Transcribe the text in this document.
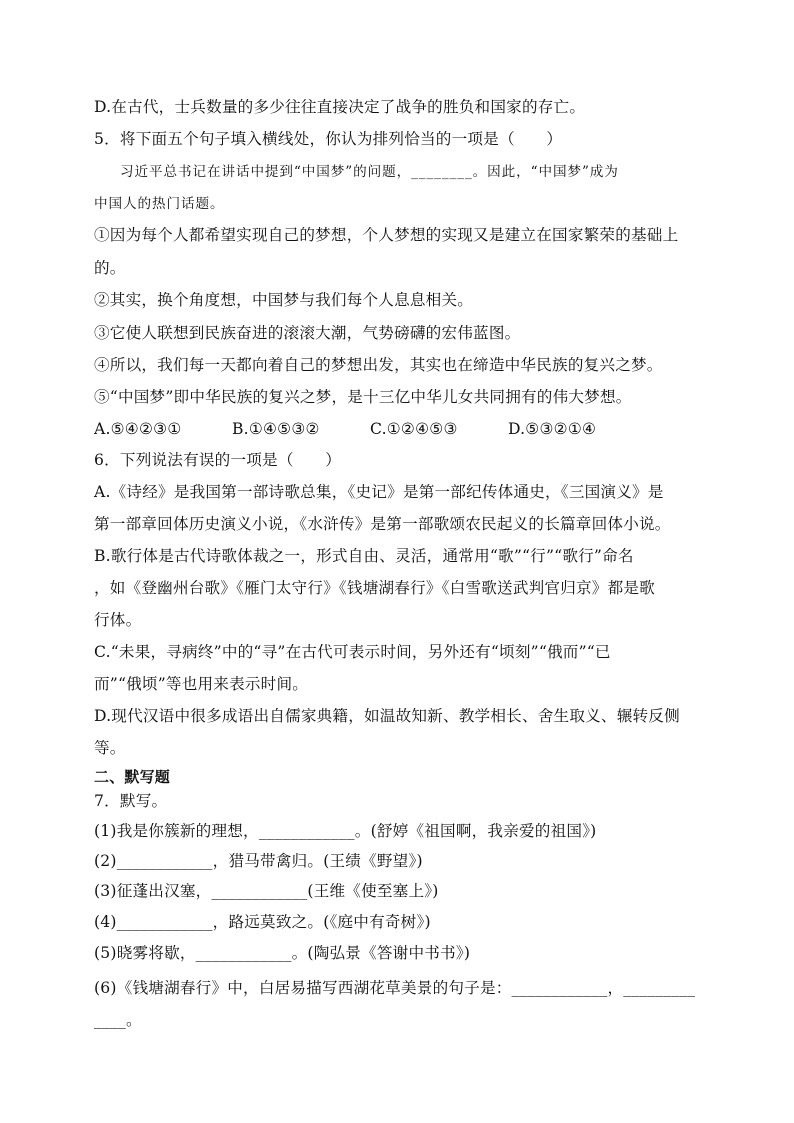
D.在古代，士兵数量的多少往往直接决定了战争的胜负和国家的存亡。
5．将下面五个句子填入横线处，你认为排列恰当的一项是（　　）
习近平总书记在讲话中提到“中国梦”的问题，________。因此，“中国梦”成为
中国人的热门话题。
①因为每个人都希望实现自己的梦想，个人梦想的实现又是建立在国家繁荣的基础上
的。
②其实，换个角度想，中国梦与我们每个人息息相关。
③它使人联想到民族奋进的滚滚大潮，气势磅礴的宏伟蓝图。
④所以，我们每一天都向着自己的梦想出发，其实也在缔造中华民族的复兴之梦。
⑤“中国梦”即中华民族的复兴之梦，是十三亿中华儿女共同拥有的伟大梦想。
A.⑤④②③①	B.①④⑤③②	C.①②④⑤③	D.⑤③②①④
6．下列说法有误的一项是（　　）
A.《诗经》是我国第一部诗歌总集，《史记》是第一部纪传体通史，《三国演义》是
第一部章回体历史演义小说，《水浒传》是第一部歌颂农民起义的长篇章回体小说。
B.歌行体是古代诗歌体裁之一，形式自由、灵活，通常用“歌”“行”“歌行”命名
，如《登幽州台歌》《雁门太守行》《钱塘湖春行》《白雪歌送武判官归京》都是歌
行体。
C.“未果，寻病终”中的“寻”在古代可表示时间，另外还有“顷刻”“俄而”“已
而”“俄顷”等也用来表示时间。
D.现代汉语中很多成语出自儒家典籍，如温故知新、教学相长、舍生取义、辗转反侧
等。
二、默写题
7．默写。
(1)我是你簇新的理想，____________。(舒婷《祖国啊，我亲爱的祖国》)
(2)____________，猎马带禽归。(王绩《野望》)
(3)征蓬出汉塞，____________(王维《使至塞上》)
(4)____________，路远莫致之。(《庭中有奇树》)
(5)晓雾将歇，____________。(陶弘景《答谢中书书》)
(6)《钱塘湖春行》中，白居易描写西湖花草美景的句子是：____________，_________
____。
